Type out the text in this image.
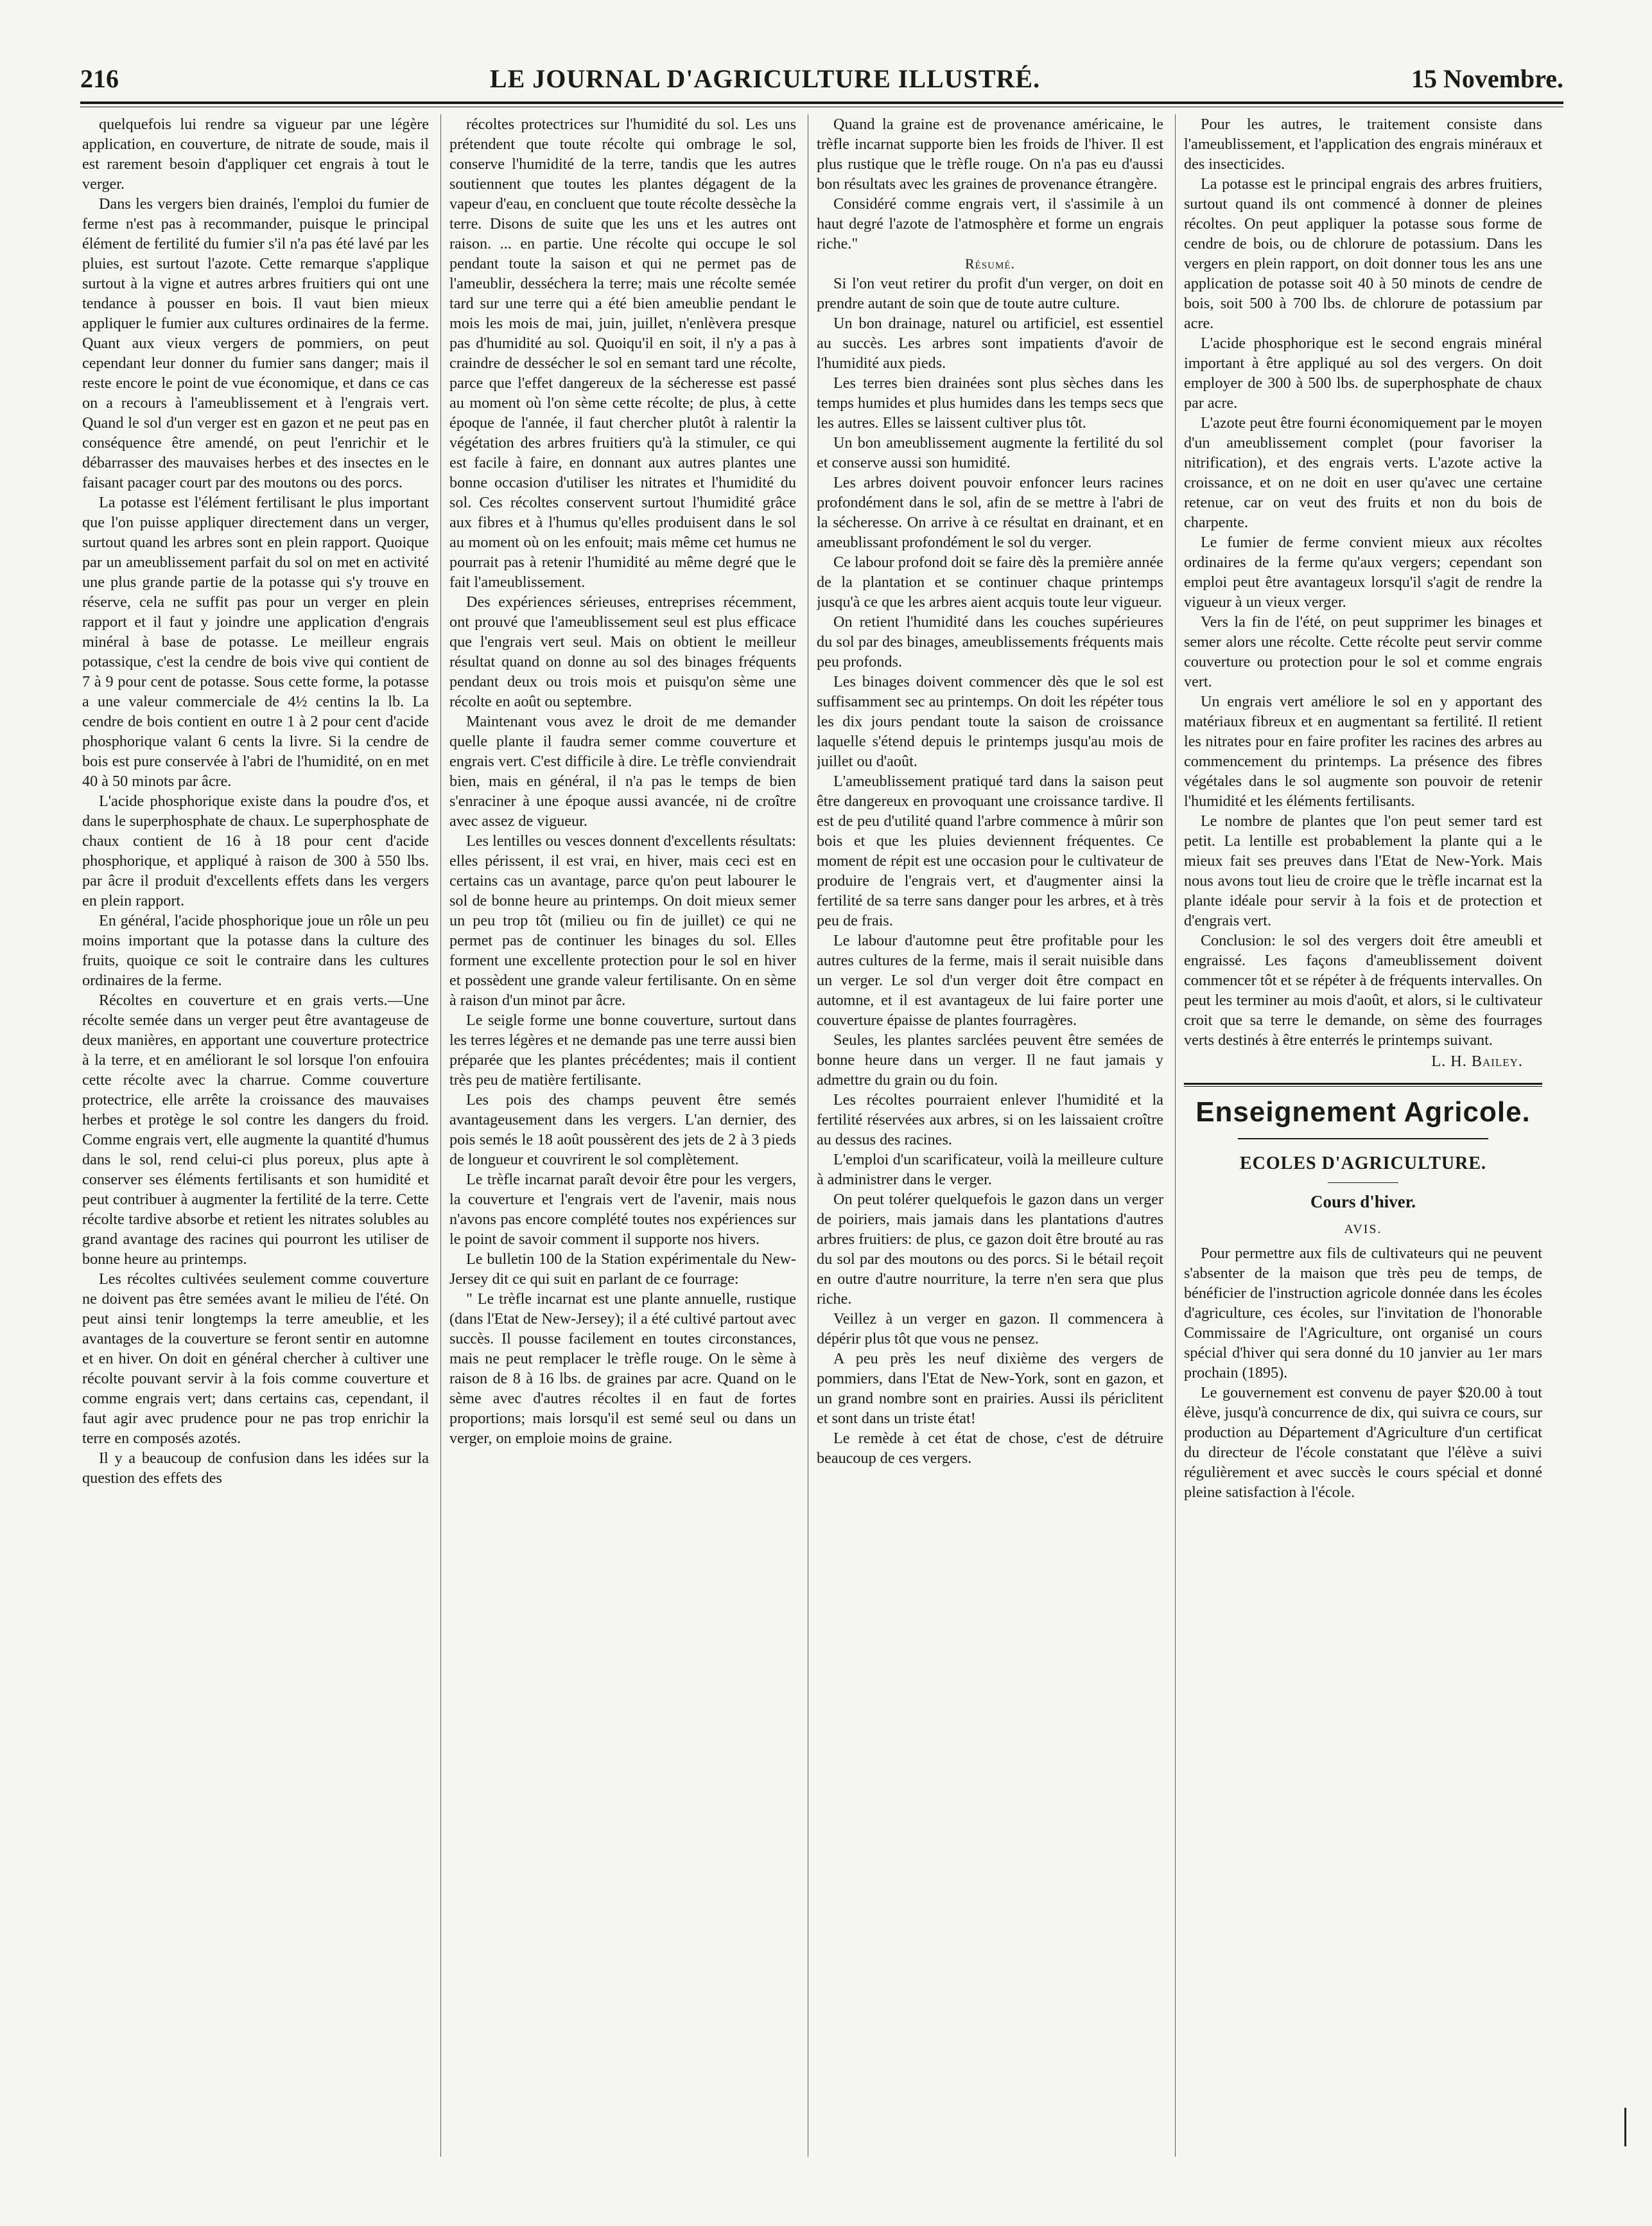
216	LE JOURNAL D'AGRICULTURE ILLUSTRÉ.	15 Novembre.

quelquefois lui rendre sa vigueur par une légère application, en couverture, de nitrate de soude, mais il est rarement besoin d'appliquer cet engrais à tout le verger.

Dans les vergers bien drainés, l'emploi du fumier de ferme n'est pas à recommander, puisque le principal élément de fertilité du fumier s'il n'a pas été lavé par les pluies, est surtout l'azote. Cette remarque s'applique surtout à la vigne et autres arbres fruitiers qui ont une tendance à pousser en bois. Il vaut bien mieux appliquer le fumier aux cultures ordinaires de la ferme. Quant aux vieux vergers de pommiers, on peut cependant leur donner du fumier sans danger; mais il reste encore le point de vue économique, et dans ce cas on a recours à l'ameublissement et à l'engrais vert. Quand le sol d'un verger est en gazon et ne peut pas en conséquence être amendé, on peut l'enrichir et le débarrasser des mauvaises herbes et des insectes en le faisant pacager court par des moutons ou des porcs.

La potasse est l'élément fertilisant le plus important que l'on puisse appliquer directement dans un verger, surtout quand les arbres sont en plein rapport. Quoique par un ameublissement parfait du sol on met en activité une plus grande partie de la potasse qui s'y trouve en réserve, cela ne suffit pas pour un verger en plein rapport et il faut y joindre une application d'engrais minéral à base de potasse. Le meilleur engrais potassique, c'est la cendre de bois vive qui contient de 7 à 9 pour cent de potasse. Sous cette forme, la potasse a une valeur commerciale de 4½ centins la lb. La cendre de bois contient en outre 1 à 2 pour cent d'acide phosphorique valant 6 cents la livre. Si la cendre de bois est pure conservée à l'abri de l'humidité, on en met 40 à 50 minots par âcre.

L'acide phosphorique existe dans la poudre d'os, et dans le superphosphate de chaux. Le superphosphate de chaux contient de 16 à 18 pour cent d'acide phosphorique, et appliqué à raison de 300 à 550 lbs. par âcre il produit d'excellents effets dans les vergers en plein rapport.

En général, l'acide phosphorique joue un rôle un peu moins important que la potasse dans la culture des fruits, quoique ce soit le contraire dans les cultures ordinaires de la ferme.

Récoltes en couverture et en grais verts.—Une récolte semée dans un verger peut être avantageuse de deux manières, en apportant une couverture protectrice à la terre, et en améliorant le sol lorsque l'on enfouira cette récolte avec la charrue. Comme couverture protectrice, elle arrête la croissance des mauvaises herbes et protège le sol contre les dangers du froid. Comme engrais vert, elle augmente la quantité d'humus dans le sol, rend celui-ci plus poreux, plus apte à conserver ses éléments fertilisants et son humidité et peut contribuer à augmenter la fertilité de la terre. Cette récolte tardive absorbe et retient les nitrates solubles au grand avantage des racines qui pourront les utiliser de bonne heure au printemps.

Les récoltes cultivées seulement comme couverture ne doivent pas être semées avant le milieu de l'été. On peut ainsi tenir longtemps la terre ameublie, et les avantages de la couverture se feront sentir en automne et en hiver. On doit en général chercher à cultiver une récolte pouvant servir à la fois comme couverture et comme engrais vert; dans certains cas, cependant, il faut agir avec prudence pour ne pas trop enrichir la terre en composés azotés.

Il y a beaucoup de confusion dans les idées sur la question des effets des

récoltes protectrices sur l'humidité du sol. Les uns prétendent que toute récolte qui ombrage le sol, conserve l'humidité de la terre, tandis que les autres soutiennent que toutes les plantes dégagent de la vapeur d'eau, en concluent que toute récolte dessèche la terre. Disons de suite que les uns et les autres ont raison. ... en partie. Une récolte qui occupe le sol pendant toute la saison et qui ne permet pas de l'ameublir, desséchera la terre; mais une récolte semée tard sur une terre qui a été bien ameublie pendant le mois les mois de mai, juin, juillet, n'enlèvera presque pas d'humidité au sol. Quoiqu'il en soit, il n'y a pas à craindre de dessécher le sol en semant tard une récolte, parce que l'effet dangereux de la sécheresse est passé au moment où l'on sème cette récolte; de plus, à cette époque de l'année, il faut chercher plutôt à ralentir la végétation des arbres fruitiers qu'à la stimuler, ce qui est facile à faire, en donnant aux autres plantes une bonne occasion d'utiliser les nitrates et l'humidité du sol. Ces récoltes conservent surtout l'humidité grâce aux fibres et à l'humus qu'elles produisent dans le sol au moment où on les enfouit; mais même cet humus ne pourrait pas à retenir l'humidité au même degré que le fait l'ameublissement.

Des expériences sérieuses, entreprises récemment, ont prouvé que l'ameublissement seul est plus efficace que l'engrais vert seul. Mais on obtient le meilleur résultat quand on donne au sol des binages fréquents pendant deux ou trois mois et puisqu'on sème une récolte en août ou septembre.

Maintenant vous avez le droit de me demander quelle plante il faudra semer comme couverture et engrais vert. C'est difficile à dire. Le trèfle conviendrait bien, mais en général, il n'a pas le temps de bien s'enraciner à une époque aussi avancée, ni de croître avec assez de vigueur.

Les lentilles ou vesces donnent d'excellents résultats: elles périssent, il est vrai, en hiver, mais ceci est en certains cas un avantage, parce qu'on peut labourer le sol de bonne heure au printemps. On doit mieux semer un peu trop tôt (milieu ou fin de juillet) ce qui ne permet pas de continuer les binages du sol. Elles forment une excellente protection pour le sol en hiver et possèdent une grande valeur fertilisante. On en sème à raison d'un minot par âcre.

Le seigle forme une bonne couverture, surtout dans les terres légères et ne demande pas une terre aussi bien préparée que les plantes précédentes; mais il contient très peu de matière fertilisante.

Les pois des champs peuvent être semés avantageusement dans les vergers. L'an dernier, des pois semés le 18 août poussèrent des jets de 2 à 3 pieds de longueur et couvrirent le sol complètement.

Le trèfle incarnat paraît devoir être pour les vergers, la couverture et l'engrais vert de l'avenir, mais nous n'avons pas encore complété toutes nos expériences sur le point de savoir comment il supporte nos hivers.

Le bulletin 100 de la Station expérimentale du New-Jersey dit ce qui suit en parlant de ce fourrage:

" Le trèfle incarnat est une plante annuelle, rustique (dans l'Etat de New-Jersey); il a été cultivé partout avec succès. Il pousse facilement en toutes circonstances, mais ne peut remplacer le trèfle rouge. On le sème à raison de 8 à 16 lbs. de graines par acre. Quand on le sème avec d'autres récoltes il en faut de fortes proportions; mais lorsqu'il est semé seul ou dans un verger, on emploie moins de graine.

Quand la graine est de provenance américaine, le trèfle incarnat supporte bien les froids de l'hiver. Il est plus rustique que le trèfle rouge. On n'a pas eu d'aussi bon résultats avec les graines de provenance étrangère.

Considéré comme engrais vert, il s'assimile à un haut degré l'azote de l'atmosphère et forme un engrais riche."

Résumé.

Si l'on veut retirer du profit d'un verger, on doit en prendre autant de soin que de toute autre culture.

Un bon drainage, naturel ou artificiel, est essentiel au succès. Les arbres sont impatients d'avoir de l'humidité aux pieds.

Les terres bien drainées sont plus sèches dans les temps humides et plus humides dans les temps secs que les autres. Elles se laissent cultiver plus tôt.

Un bon ameublissement augmente la fertilité du sol et conserve aussi son humidité.

Les arbres doivent pouvoir enfoncer leurs racines profondément dans le sol, afin de se mettre à l'abri de la sécheresse. On arrive à ce résultat en drainant, et en ameublissant profondément le sol du verger.

Ce labour profond doit se faire dès la première année de la plantation et se continuer chaque printemps jusqu'à ce que les arbres aient acquis toute leur vigueur.

On retient l'humidité dans les couches supérieures du sol par des binages, ameublissements fréquents mais peu profonds.

Les binages doivent commencer dès que le sol est suffisamment sec au printemps. On doit les répéter tous les dix jours pendant toute la saison de croissance laquelle s'étend depuis le printemps jusqu'au mois de juillet ou d'août.

L'ameublissement pratiqué tard dans la saison peut être dangereux en provoquant une croissance tardive. Il est de peu d'utilité quand l'arbre commence à mûrir son bois et que les pluies deviennent fréquentes. Ce moment de répit est une occasion pour le cultivateur de produire de l'engrais vert, et d'augmenter ainsi la fertilité de sa terre sans danger pour les arbres, et à très peu de frais.

Le labour d'automne peut être profitable pour les autres cultures de la ferme, mais il serait nuisible dans un verger. Le sol d'un verger doit être compact en automne, et il est avantageux de lui faire porter une couverture épaisse de plantes fourragères.

Seules, les plantes sarclées peuvent être semées de bonne heure dans un verger. Il ne faut jamais y admettre du grain ou du foin.

Les récoltes pourraient enlever l'humidité et la fertilité réservées aux arbres, si on les laissaient croître au dessus des racines.

L'emploi d'un scarificateur, voilà la meilleure culture à administrer dans le verger.

On peut tolérer quelquefois le gazon dans un verger de poiriers, mais jamais dans les plantations d'autres arbres fruitiers: de plus, ce gazon doit être brouté au ras du sol par des moutons ou des porcs. Si le bétail reçoit en outre d'autre nourriture, la terre n'en sera que plus riche.

Veillez à un verger en gazon. Il commencera à dépérir plus tôt que vous ne pensez.

A peu près les neuf dixième des vergers de pommiers, dans l'Etat de New-York, sont en gazon, et un grand nombre sont en prairies. Aussi ils périclitent et sont dans un triste état!

Le remède à cet état de chose, c'est de détruire beaucoup de ces vergers.

Pour les autres, le traitement consiste dans l'ameublissement, et l'application des engrais minéraux et des insecticides.

La potasse est le principal engrais des arbres fruitiers, surtout quand ils ont commencé à donner de pleines récoltes. On peut appliquer la potasse sous forme de cendre de bois, ou de chlorure de potassium. Dans les vergers en plein rapport, on doit donner tous les ans une application de potasse soit 40 à 50 minots de cendre de bois, soit 500 à 700 lbs. de chlorure de potassium par acre.

L'acide phosphorique est le second engrais minéral important à être appliqué au sol des vergers. On doit employer de 300 à 500 lbs. de superphosphate de chaux par acre.

L'azote peut être fourni économiquement par le moyen d'un ameublissement complet (pour favoriser la nitrification), et des engrais verts. L'azote active la croissance, et on ne doit en user qu'avec une certaine retenue, car on veut des fruits et non du bois de charpente.

Le fumier de ferme convient mieux aux récoltes ordinaires de la ferme qu'aux vergers; cependant son emploi peut être avantageux lorsqu'il s'agit de rendre la vigueur à un vieux verger.

Vers la fin de l'été, on peut supprimer les binages et semer alors une récolte. Cette récolte peut servir comme couverture ou protection pour le sol et comme engrais vert.

Un engrais vert améliore le sol en y apportant des matériaux fibreux et en augmentant sa fertilité. Il retient les nitrates pour en faire profiter les racines des arbres au commencement du printemps. La présence des fibres végétales dans le sol augmente son pouvoir de retenir l'humidité et les éléments fertilisants.

Le nombre de plantes que l'on peut semer tard est petit. La lentille est probablement la plante qui a le mieux fait ses preuves dans l'Etat de New-York. Mais nous avons tout lieu de croire que le trèfle incarnat est la plante idéale pour servir à la fois et de protection et d'engrais vert.

Conclusion: le sol des vergers doit être ameubli et engraissé. Les façons d'ameublissement doivent commencer tôt et se répéter à de fréquents intervalles. On peut les terminer au mois d'août, et alors, si le cultivateur croit que sa terre le demande, on sème des fourrages verts destinés à être enterrés le printemps suivant.

L. H. Bailey.

Enseignement Agricole.
ECOLES D'AGRICULTURE.
Cours d'hiver.
AVIS.

Pour permettre aux fils de cultivateurs qui ne peuvent s'absenter de la maison que très peu de temps, de bénéficier de l'instruction agricole donnée dans les écoles d'agriculture, ces écoles, sur l'invitation de l'honorable Commissaire de l'Agriculture, ont organisé un cours spécial d'hiver qui sera donné du 10 janvier au 1er mars prochain (1895).

Le gouvernement est convenu de payer $20.00 à tout élève, jusqu'à concurrence de dix, qui suivra ce cours, sur production au Département d'Agriculture d'un certificat du directeur de l'école constatant que l'élève a suivi régulièrement et avec succès le cours spécial et donné pleine satisfaction à l'école.
